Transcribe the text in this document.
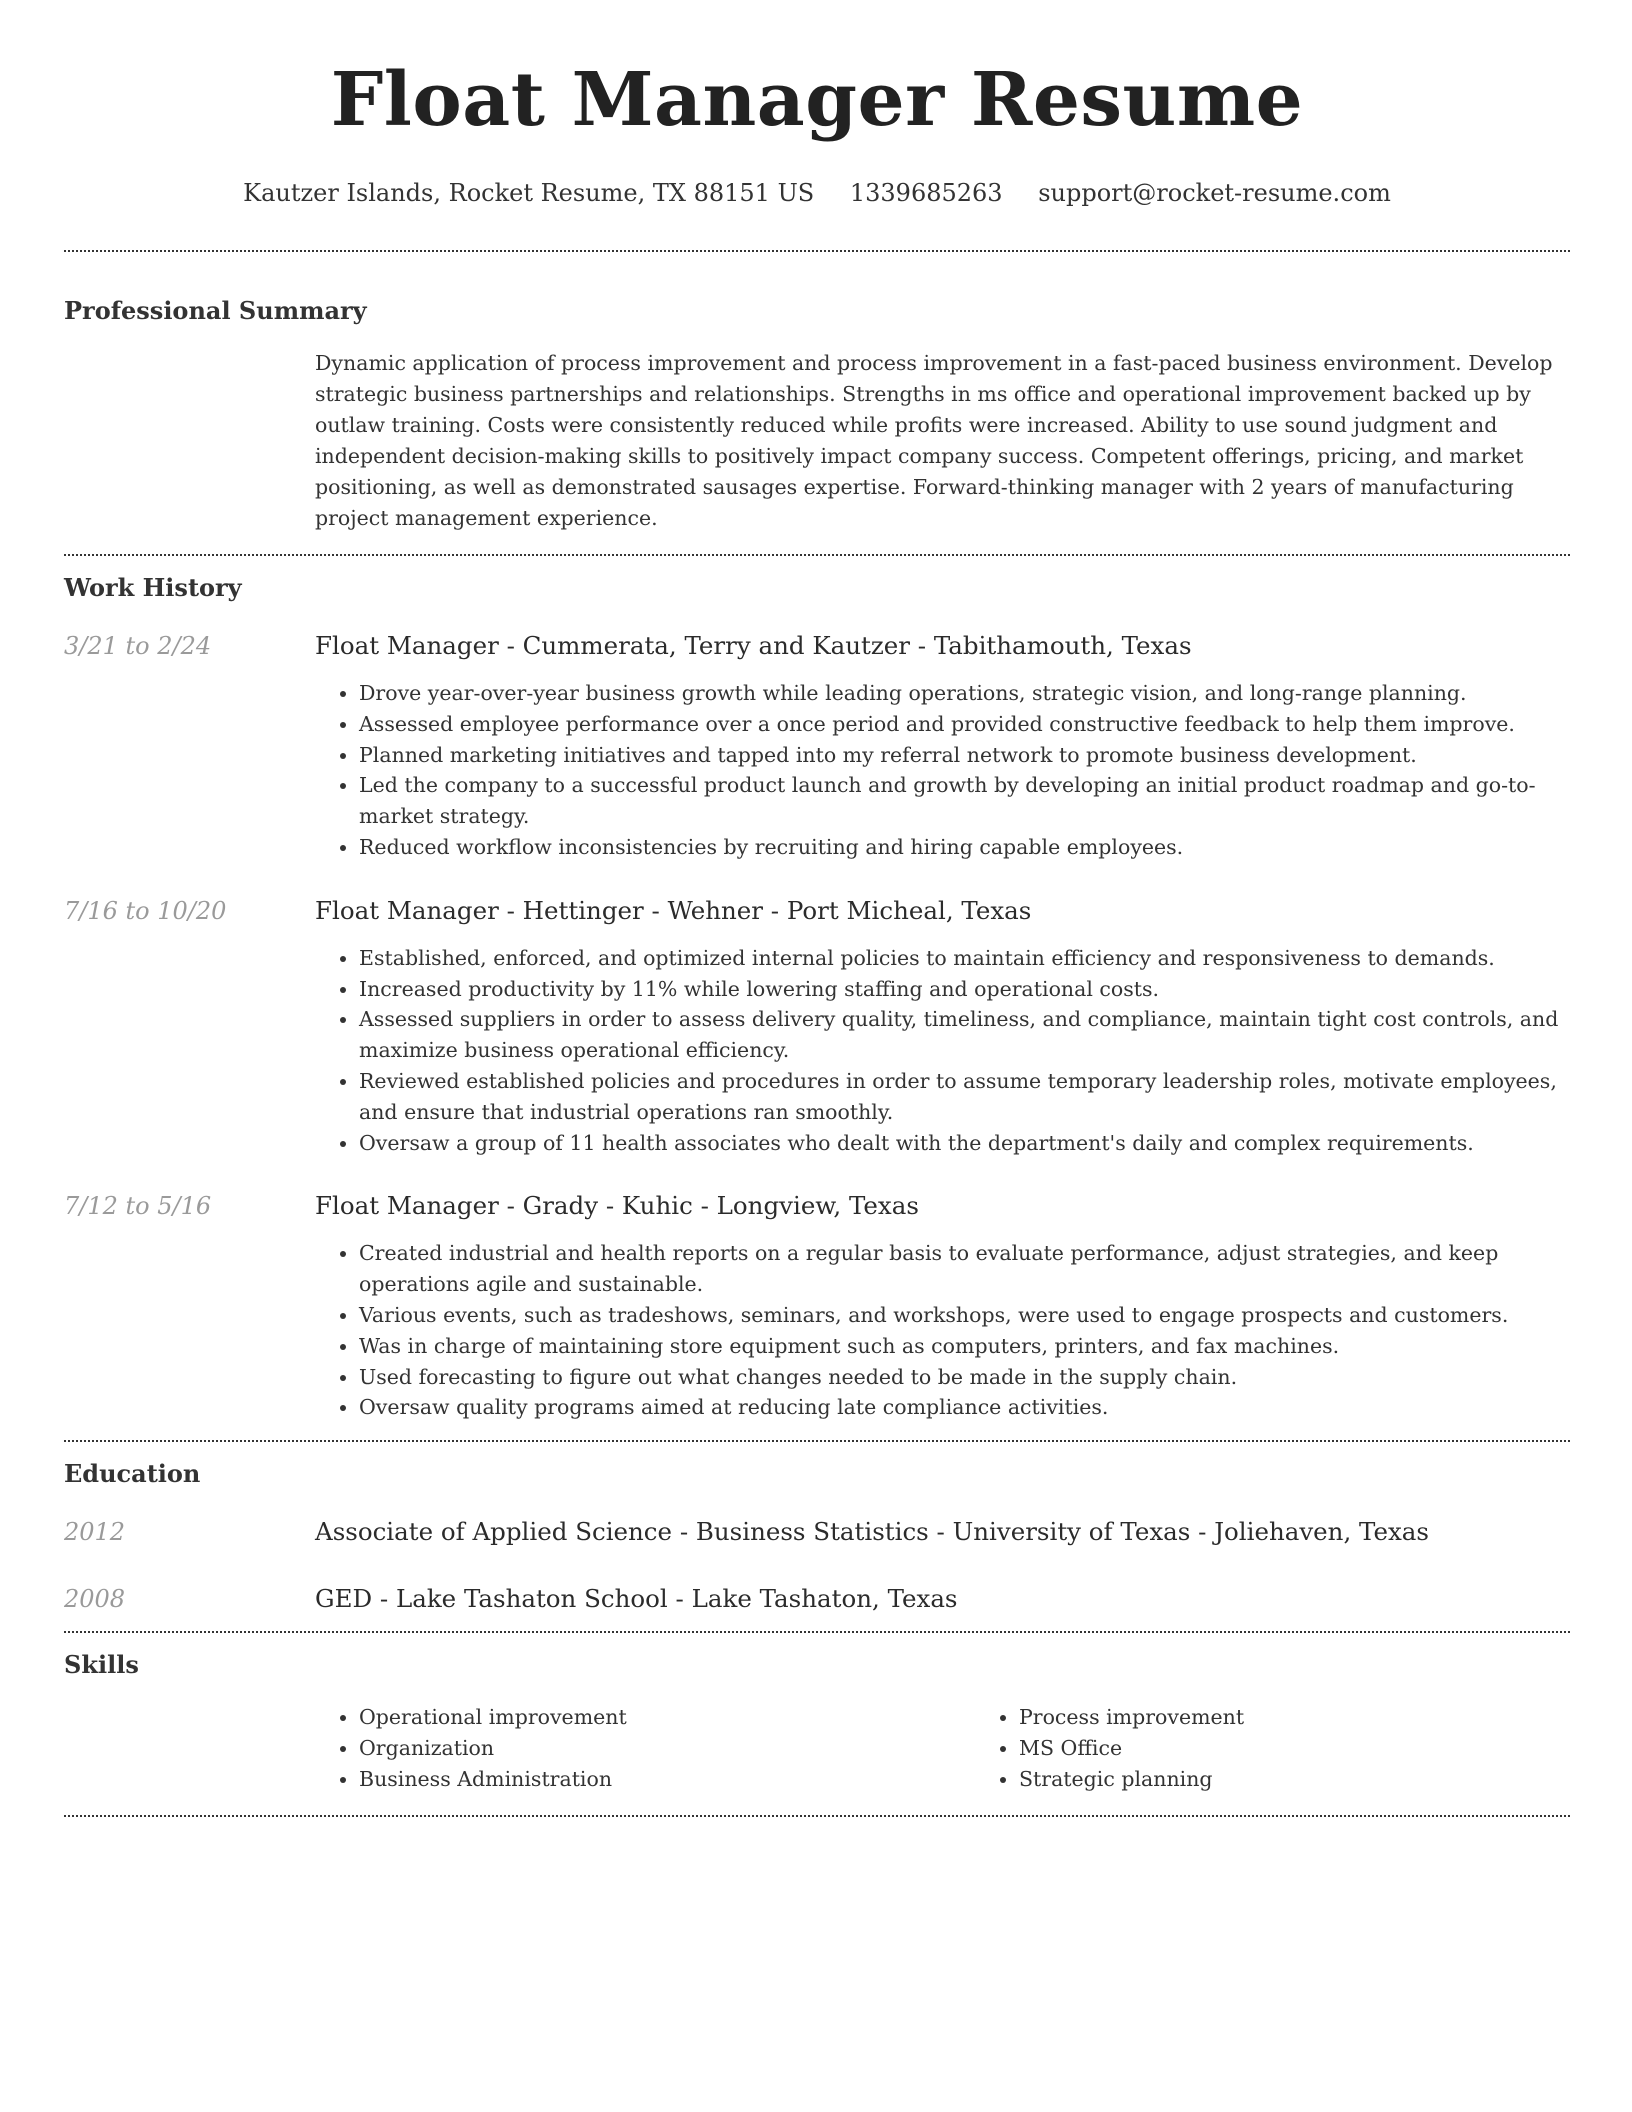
Float Manager Resume
Kautzer Islands, Rocket Resume, TX 88151 US 1339685263 support@rocket-resume.com
Professional Summary

Dynamic application of process improvement and process improvement in a fast-paced business environment. Develop strategic business partnerships and relationships. Strengths in ms office and operational improvement backed up by outlaw training. Costs were consistently reduced while profits were increased. Ability to use sound judgment and independent decision-making skills to positively impact company success. Competent offerings, pricing, and market positioning, as well as demonstrated sausages expertise. Forward-thinking manager with 2 years of manufacturing project management experience.

Work History
3/21 to 2/24	Float Manager - Cummerata, Terry and Kautzer - Tabithamouth, Texas
• Drove year-over-year business growth while leading operations, strategic vision, and long-range planning.
• Assessed employee performance over a once period and provided constructive feedback to help them improve.
• Planned marketing initiatives and tapped into my referral network to promote business development.
• Led the company to a successful product launch and growth by developing an initial product roadmap and go-to-market strategy.
• Reduced workflow inconsistencies by recruiting and hiring capable employees.
7/16 to 10/20	Float Manager - Hettinger - Wehner - Port Micheal, Texas
• Established, enforced, and optimized internal policies to maintain efficiency and responsiveness to demands.
• Increased productivity by 11% while lowering staffing and operational costs.
• Assessed suppliers in order to assess delivery quality, timeliness, and compliance, maintain tight cost controls, and maximize business operational efficiency.
• Reviewed established policies and procedures in order to assume temporary leadership roles, motivate employees, and ensure that industrial operations ran smoothly.
• Oversaw a group of 11 health associates who dealt with the department's daily and complex requirements.
7/12 to 5/16	Float Manager - Grady - Kuhic - Longview, Texas
• Created industrial and health reports on a regular basis to evaluate performance, adjust strategies, and keep operations agile and sustainable.
• Various events, such as tradeshows, seminars, and workshops, were used to engage prospects and customers.
• Was in charge of maintaining store equipment such as computers, printers, and fax machines.
• Used forecasting to figure out what changes needed to be made in the supply chain.
• Oversaw quality programs aimed at reducing late compliance activities.
Education
2012	Associate of Applied Science - Business Statistics - University of Texas - Joliehaven, Texas
2008	GED - Lake Tashaton School - Lake Tashaton, Texas
Skills
• Operational improvement
• Organization
• Business Administration
• Process improvement
• MS Office
• Strategic planning
